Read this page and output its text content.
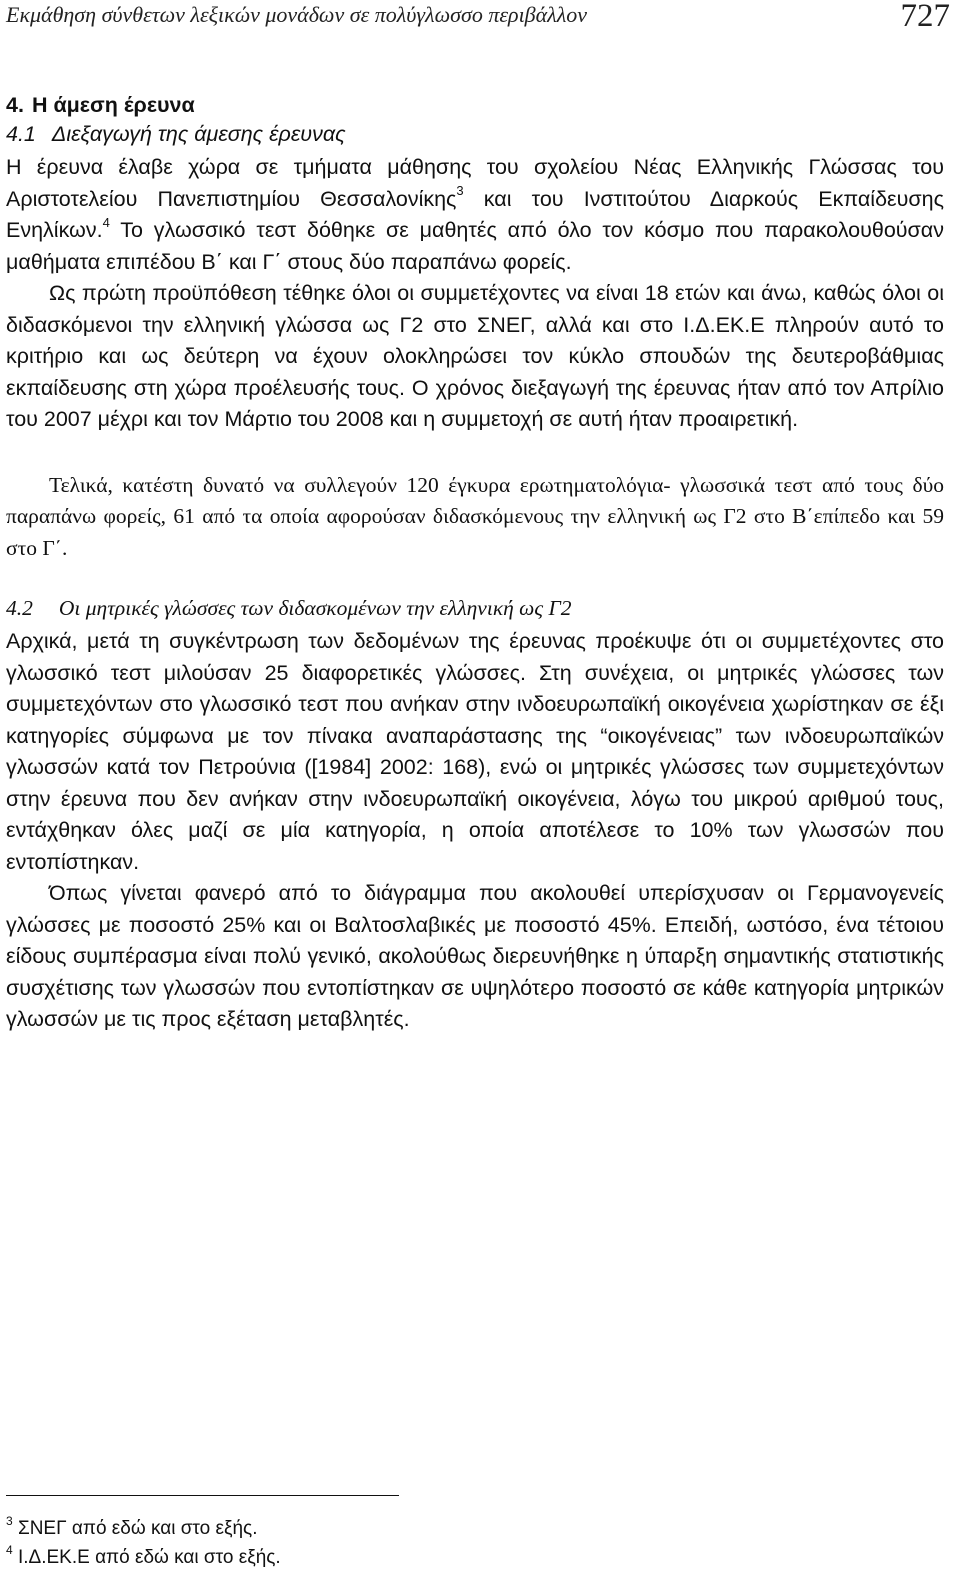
Εκμάθηση σύνθετων λεξικών μονάδων σε πολύγλωσσο περιβάλλον	727
4. Η άμεση έρευνα
4.1 Διεξαγωγή της άμεσης έρευνας

Η έρευνα έλαβε χώρα σε τμήματα μάθησης του σχολείου Νέας Ελληνικής Γλώσσας του Αριστοτελείου Πανεπιστημίου Θεσσαλονίκης$^3$ και του Ινστιτούτου Διαρκούς Εκπαίδευσης Ενηλίκων.$^4$ Το γλωσσικό τεστ δόθηκε σε μαθητές από όλο τον κόσμο που παρακολουθούσαν μαθήματα επιπέδου Β΄ και Γ΄ στους δύο παραπάνω φορείς.

Ως πρώτη προϋπόθεση τέθηκε όλοι οι συμμετέχοντες να είναι 18 ετών και άνω, καθώς όλοι οι διδασκόμενοι την ελληνική γλώσσα ως Γ2 στο ΣΝΕΓ, αλλά και στο Ι.Δ.ΕΚ.Ε πληρούν αυτό το κριτήριο και ως δεύτερη να έχουν ολοκληρώσει τον κύκλο σπουδών της δευτεροβάθμιας εκπαίδευσης στη χώρα προέλευσής τους. Ο χρόνος διεξαγωγή της έρευνας ήταν από τον Απρίλιο του 2007 μέχρι και τον Μάρτιο του 2008 και η συμμετοχή σε αυτή ήταν προαιρετική.

Τελικά, κατέστη δυνατό να συλλεγούν 120 έγκυρα ερωτηματολόγια- γλωσσικά τεστ από τους δύο παραπάνω φορείς, 61 από τα οποία αφορούσαν διδασκόμενους την ελληνική ως Γ2 στο Β΄επίπεδο και 59 στο Γ΄.

4.2 Οι μητρικές γλώσσες των διδασκομένων την ελληνική ως Γ2

Αρχικά, μετά τη συγκέντρωση των δεδομένων της έρευνας προέκυψε ότι οι συμμετέχοντες στο γλωσσικό τεστ μιλούσαν 25 διαφορετικές γλώσσες. Στη συνέχεια, οι μητρικές γλώσσες των συμμετεχόντων στο γλωσσικό τεστ που ανήκαν στην ινδοευρωπαϊκή οικογένεια χωρίστηκαν σε έξι κατηγορίες σύμφωνα με τον πίνακα αναπαράστασης της “οικογένειας” των ινδοευρωπαϊκών γλωσσών κατά τον Πετρούνια ([1984] 2002: 168), ενώ οι μητρικές γλώσσες των συμμετεχόντων στην έρευνα που δεν ανήκαν στην ινδοευρωπαϊκή οικογένεια, λόγω του μικρού αριθμού τους, εντάχθηκαν όλες μαζί σε μία κατηγορία, η οποία αποτέλεσε το 10% των γλωσσών που εντοπίστηκαν.

Όπως γίνεται φανερό από το διάγραμμα που ακολουθεί υπερίσχυσαν οι Γερμανογενείς γλώσσες με ποσοστό 25% και οι Βαλτοσλαβικές με ποσοστό 45%. Επειδή, ωστόσο, ένα τέτοιου είδους συμπέρασμα είναι πολύ γενικό, ακολούθως διερευνήθηκε η ύπαρξη σημαντικής στατιστικής συσχέτισης των γλωσσών που εντοπίστηκαν σε υψηλότερο ποσοστό σε κάθε κατηγορία μητρικών γλωσσών με τις προς εξέταση μεταβλητές.

$^3$ ΣΝΕΓ από εδώ και στο εξής.
$^4$ Ι.Δ.ΕΚ.Ε από εδώ και στο εξής.
